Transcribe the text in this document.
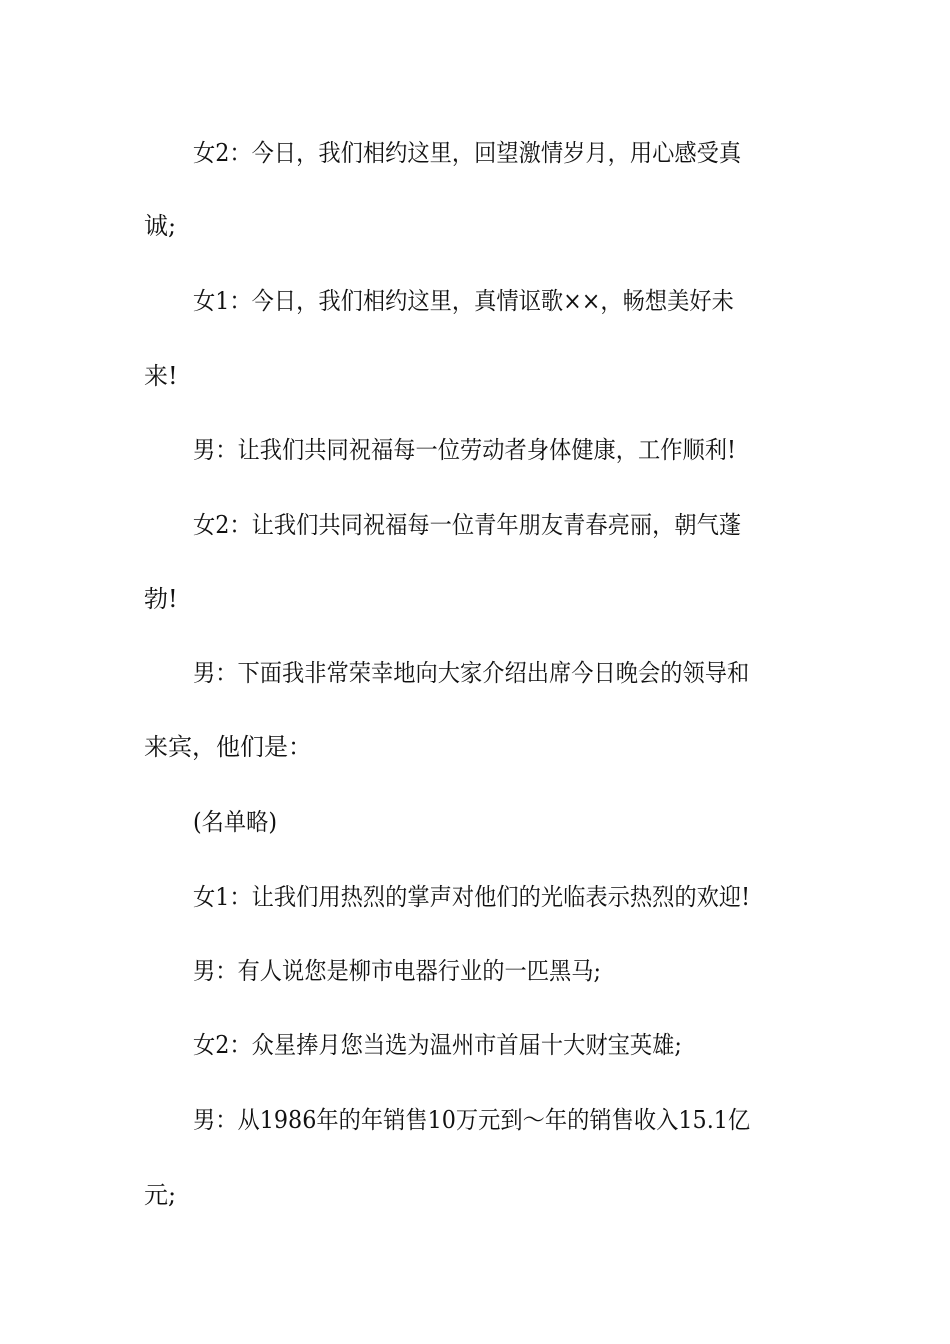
女2：今日，我们相约这里，回望激情岁月，用心感受真
诚;
女1：今日，我们相约这里，真情讴歌××，畅想美好未
来!
男：让我们共同祝福每一位劳动者身体健康，工作顺利!
女2：让我们共同祝福每一位青年朋友青春亮丽，朝气蓬
勃!
男：下面我非常荣幸地向大家介绍出席今日晚会的领导和
来宾，他们是：
(名单略)
女1：让我们用热烈的掌声对他们的光临表示热烈的欢迎!
男：有人说您是柳市电器行业的一匹黑马;
女2：众星捧月您当选为温州市首届十大财宝英雄;
男：从1986年的年销售10万元到～年的销售收入15.1亿
元;
